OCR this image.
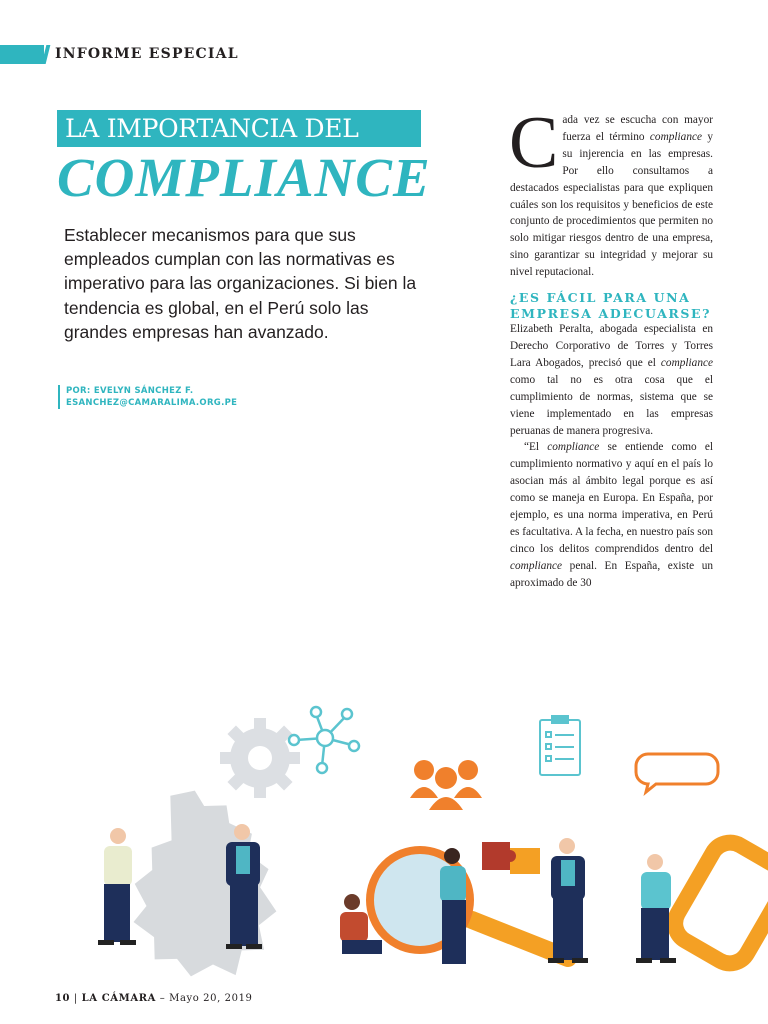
INFORME ESPECIAL
LA IMPORTANCIA DEL
COMPLIANCE

Establecer mecanismos para que sus empleados cumplan con las normativas es imperativo para las organizaciones. Si bien la tendencia es global, en el Perú solo las grandes empresas han avanzado.

POR: EVELYN SÁNCHEZ F.
ESANCHEZ@CAMARALIMA.ORG.PE

Cada vez se escucha con mayor fuerza el término compliance y su injerencia en las empresas. Por ello consultamos a destacados especialistas para que expliquen cuáles son los requisitos y beneficios de este conjunto de procedimientos que permiten no solo mitigar riesgos dentro de una empresa, sino garantizar su integridad y mejorar su nivel reputacional.

¿ES FÁCIL PARA UNA EMPRESA ADECUARSE?

Elizabeth Peralta, abogada especialista en Derecho Corporativo de Torres y Torres Lara Abogados, precisó que el compliance como tal no es otra cosa que el cumplimiento de normas, sistema que se viene implementado en las empresas peruanas de manera progresiva.

“El compliance se entiende como el cumplimiento normativo y aquí en el país lo asocian más al ámbito legal porque es así como se maneja en Europa. En España, por ejemplo, es una norma imperativa, en Perú es facultativa. A la fecha, en nuestro país son cinco los delitos comprendidos dentro del compliance penal. En España, existe un aproximado de 30

10 | LA CÁMARA – Mayo 20, 2019
